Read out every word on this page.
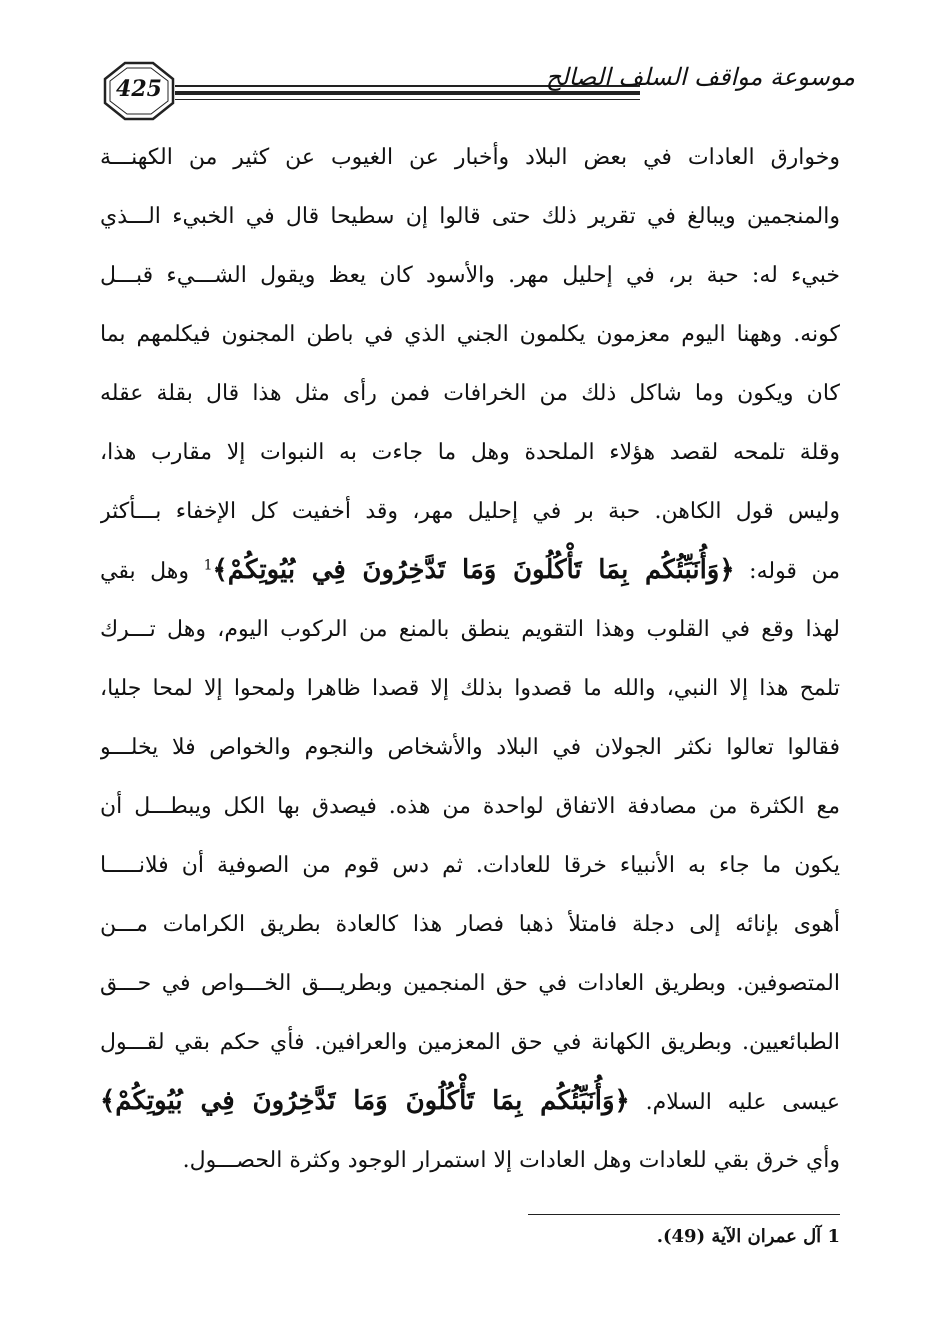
425	موسوعة مواقف السلف الصالح
وخوارق العادات في بعض البلاد وأخبار عن الغيوب عن كثير من الكهنـــة
والمنجمين ويبالغ في تقرير ذلك حتى قالوا إن سطيحا قال في الخبيء الـــذي
خبيء له: حبة بر، في إحليل مهر. والأسود كان يعظ ويقول الشـــيء قبـــل
كونه. وههنا اليوم معزمون يكلمون الجني الذي في باطن المجنون فيكلمهم بما
كان ويكون وما شاكل ذلك من الخرافات فمن رأى مثل هذا قال بقلة عقله
وقلة تلمحه لقصد هؤلاء الملحدة وهل ما جاءت به النبوات إلا مقارب هذا،
وليس قول الكاهن. حبة بر في إحليل مهر، وقد أخفيت كل الإخفاء بـــأكثر
من قوله: ﴿وَأُنَبِّئُكُم بِمَا تَأْكُلُونَ وَمَا تَدَّخِرُونَ فِي بُيُوتِكُمْ﴾$^1$ وهل بقي
لهذا وقع في القلوب وهذا التقويم ينطق بالمنع من الركوب اليوم، وهل تـــرك
تلمح هذا إلا النبي، والله ما قصدوا بذلك إلا قصدا ظاهرا ولمحوا إلا لمحا جليا،
فقالوا تعالوا نكثر الجولان في البلاد والأشخاص والنجوم والخواص فلا يخلـــو
مع الكثرة من مصادفة الاتفاق لواحدة من هذه. فيصدق بها الكل ويبطـــل أن
يكون ما جاء به الأنبياء خرقا للعادات. ثم دس قوم من الصوفية أن فلانـــــا
أهوى بإنائه إلى دجلة فامتلأ ذهبا فصار هذا كالعادة بطريق الكرامات مـــن
المتصوفين. وبطريق العادات في حق المنجمين وبطريـــق الخـــواص في حـــق
الطبائعيين. وبطريق الكهانة في حق المعزمين والعرافين. فأي حكم بقي لقـــول
عيسى عليه السلام. ﴿وَأُنَبِّئُكُم بِمَا تَأْكُلُونَ وَمَا تَدَّخِرُونَ فِي بُيُوتِكُمْ﴾
وأي خرق بقي للعادات وهل العادات إلا استمرار الوجود وكثرة الحصـــول.
1 آل عمران الآية (49).
